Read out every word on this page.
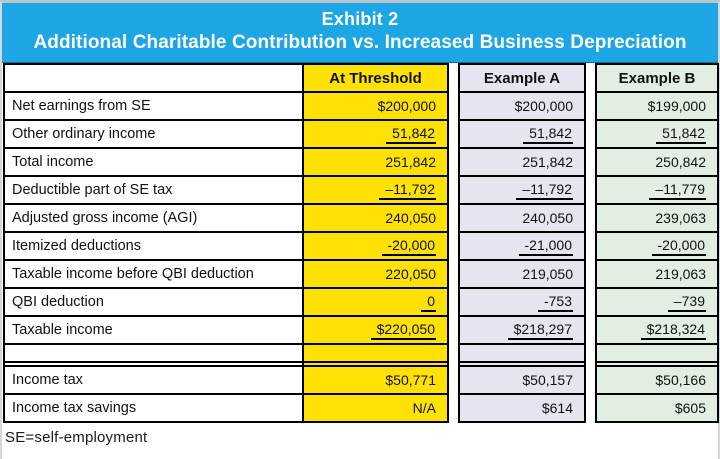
Exhibit 2
Additional Charitable Contribution vs. Increased Business Depreciation
	At Threshold		Example A		Example B
Net earnings from SE	$200,000		$200,000		$199,000
Other ordinary income	51,842		51,842		51,842
Total income	251,842		251,842		250,842
Deductible part of SE tax	–11,792		–11,792		–11,779
Adjusted gross income (AGI)	240,050		240,050		239,063
Itemized deductions	-20,000		-21,000		-20,000
Taxable income before QBI deduction	220,050		219,050		219,063
QBI deduction	0		-753		–739
Taxable income	$220,050		$218,297		$218,324

Income tax	$50,771		$50,157		$50,166
Income tax savings	N/A		$614		$605
SE=self-employment
